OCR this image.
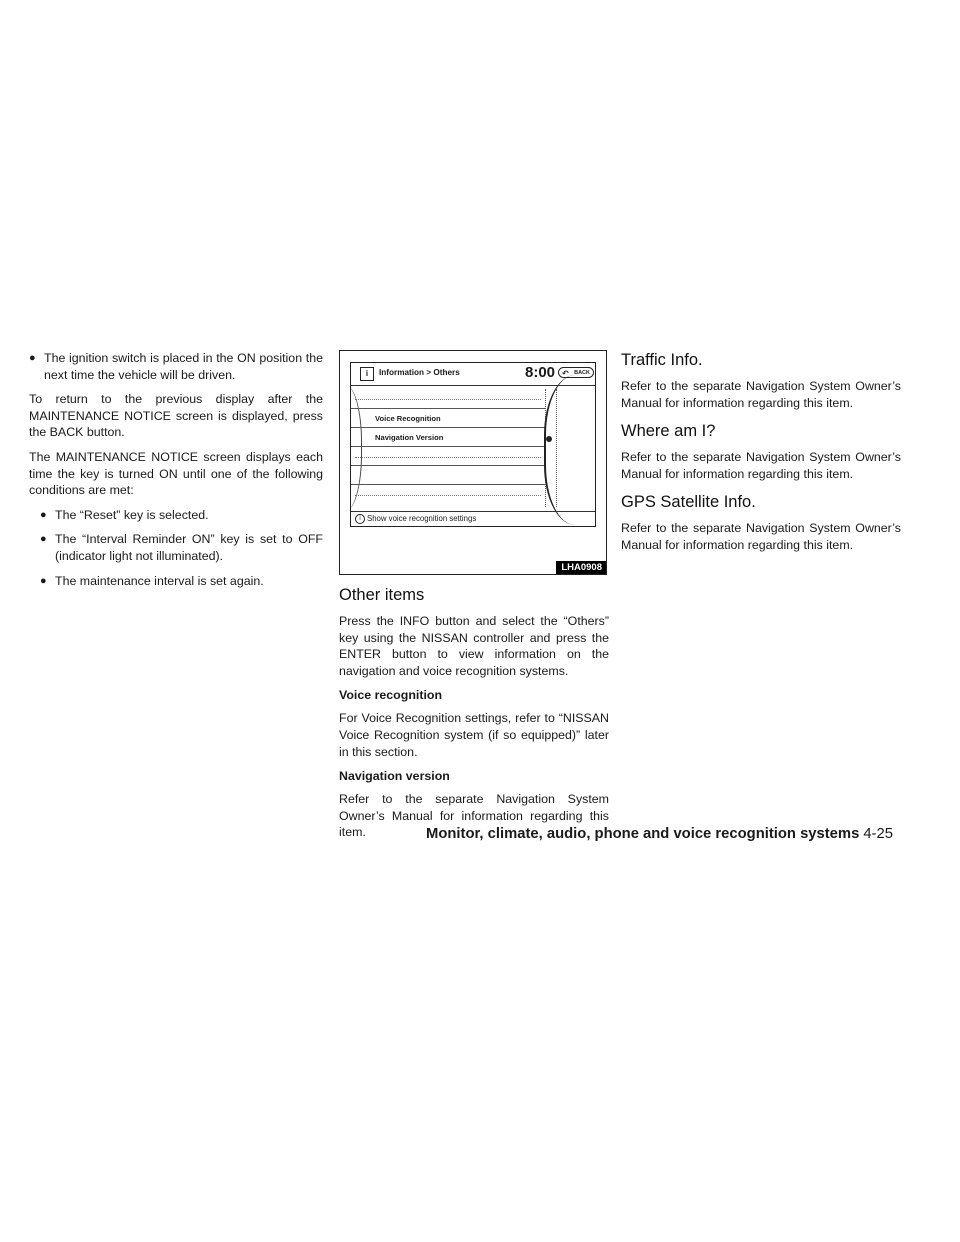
● The ignition switch is placed in the ON position the next time the vehicle will be driven.

To return to the previous display after the MAINTENANCE NOTICE screen is displayed, press the BACK button.

The MAINTENANCE NOTICE screen displays each time the key is turned ON until one of the following conditions are met:

● The “Reset” key is selected.
● The “Interval Reminder ON” key is set to OFF (indicator light not illuminated).
● The maintenance interval is set again.
i	Information > Others	8:00 ↶ BACK
Voice Recognition
Navigation Version
i Show voice recognition settings
LHA0908
Other items

Press the INFO button and select the “Others” key using the NISSAN controller and press the ENTER button to view information on the navigation and voice recognition systems.

Voice recognition

For Voice Recognition settings, refer to “NISSAN Voice Recognition system (if so equipped)” later in this section.

Navigation version

Refer to the separate Navigation System Owner’s Manual for information regarding this item.

Traffic Info.

Refer to the separate Navigation System Owner’s Manual for information regarding this item.

Where am I?

Refer to the separate Navigation System Owner’s Manual for information regarding this item.

GPS Satellite Info.

Refer to the separate Navigation System Owner’s Manual for information regarding this item.

Monitor, climate, audio, phone and voice recognition systems 4-25
